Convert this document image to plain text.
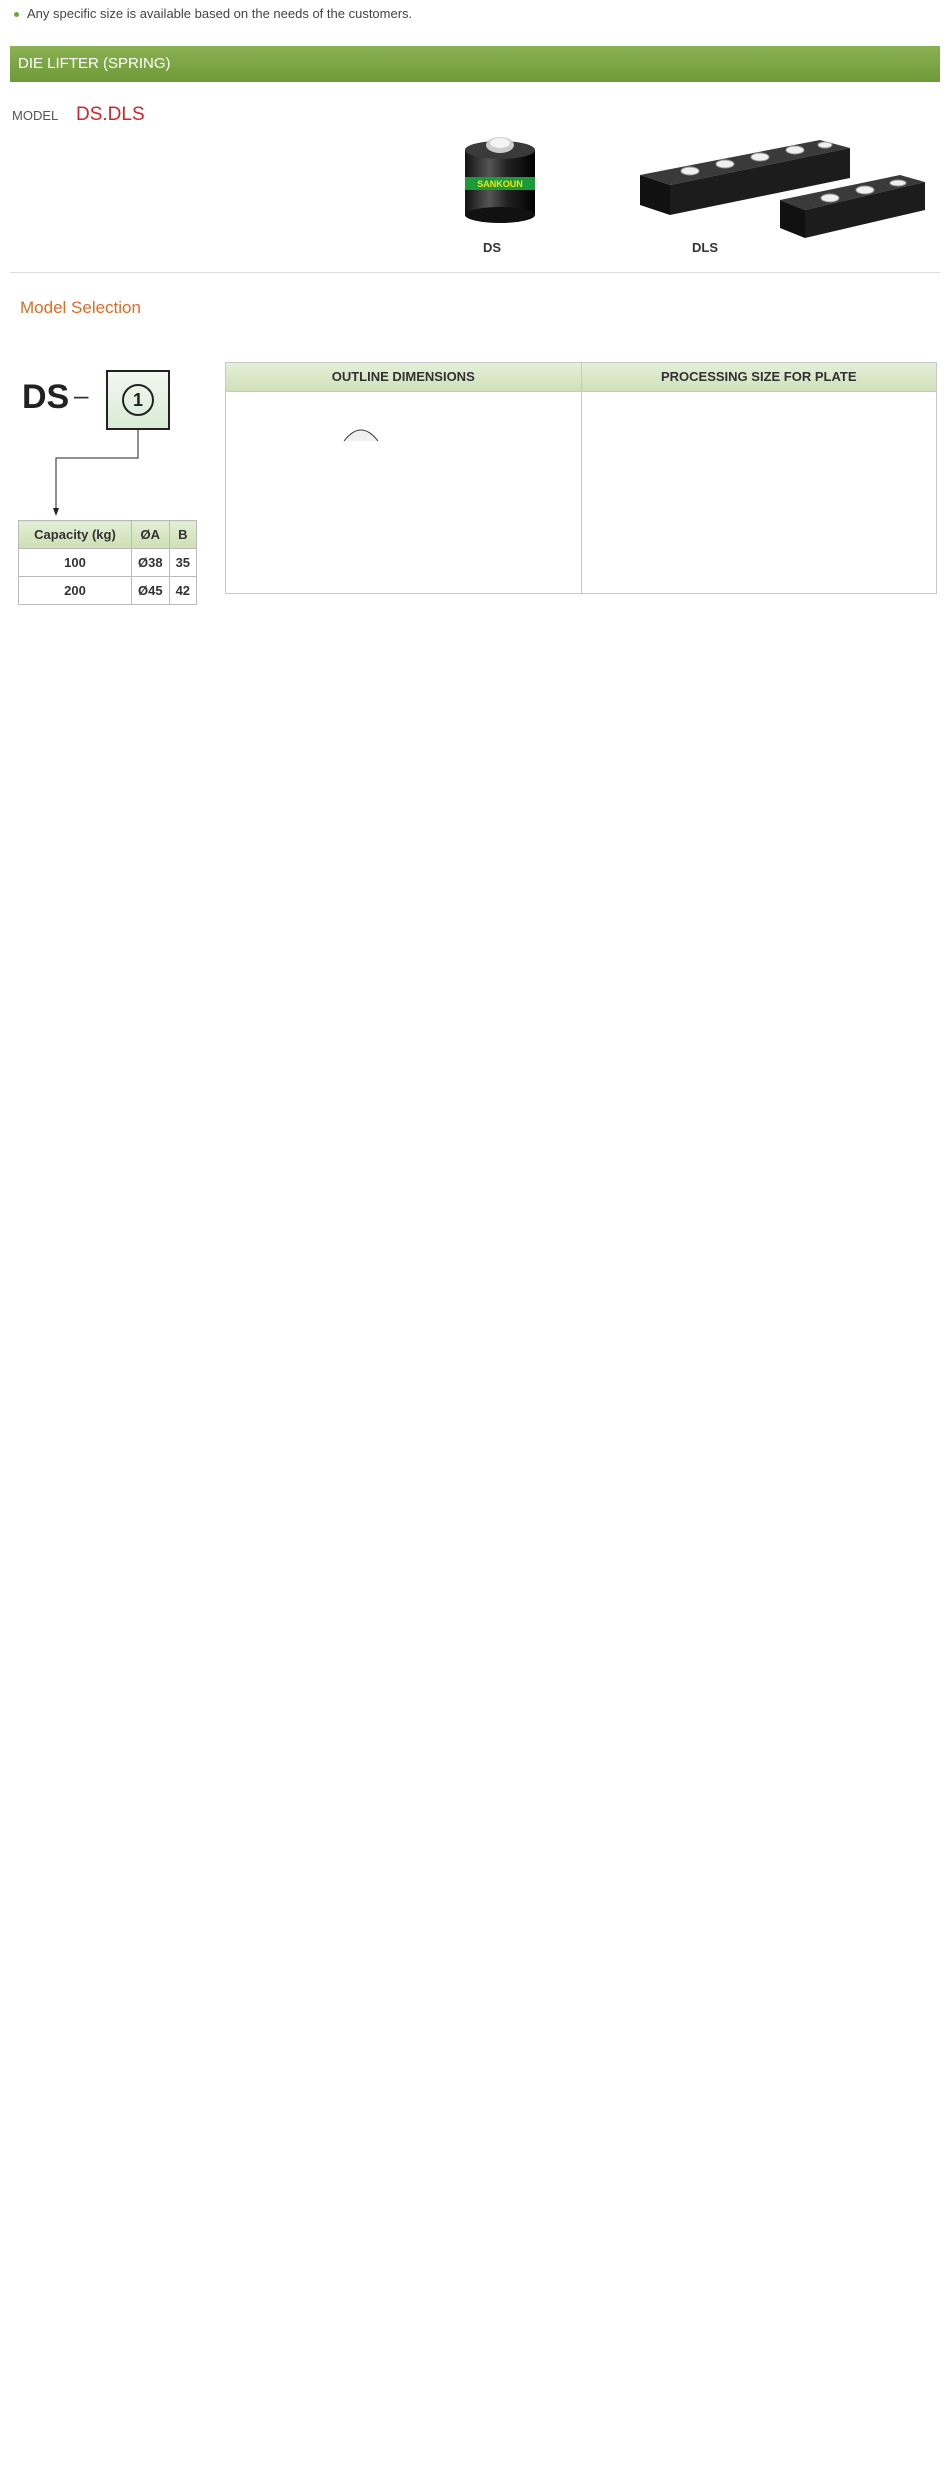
Any specific size is available based on the needs of the customers.
DIE LIFTER (SPRING)
MODEL DS.DLS
SANKOUN
DS	DLS
Model Selection
DS –	1
Capacity (kg)	ØA	B
100	Ø38	35
200	Ø45	42
OUTLINE DIMENSIONS	PROCESSING SIZE FOR PLATE
